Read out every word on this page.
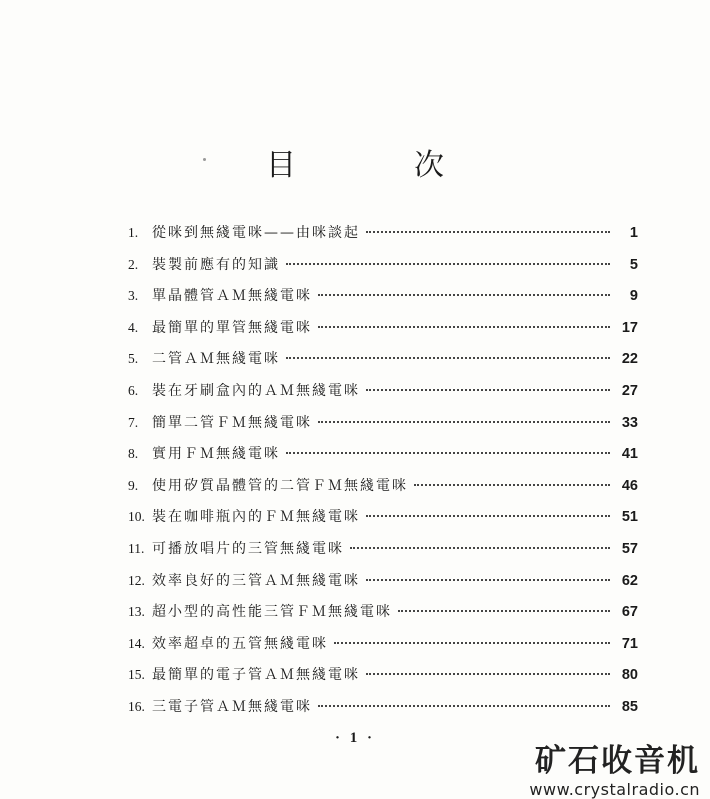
目　次
1. 從咪到無綫電咪——由咪談起	1
2. 裝製前應有的知識	5
3. 單晶體管ＡＭ無綫電咪	9
4. 最簡單的單管無綫電咪	17
5. 二管ＡＭ無綫電咪	22
6. 裝在牙刷盒內的ＡＭ無綫電咪	27
7. 簡單二管ＦＭ無綫電咪	33
8. 實用ＦＭ無綫電咪	41
9. 使用矽質晶體管的二管ＦＭ無綫電咪	46
10. 裝在咖啡瓶內的ＦＭ無綫電咪	51
11. 可播放唱片的三管無綫電咪	57
12. 效率良好的三管ＡＭ無綫電咪	62
13. 超小型的高性能三管ＦＭ無綫電咪	67
14. 效率超卓的五管無綫電咪	71
15. 最簡單的電子管ＡＭ無綫電咪	80
16. 三電子管ＡＭ無綫電咪	85
· 1 ·
矿石收音机
www.crystalradio.cn
